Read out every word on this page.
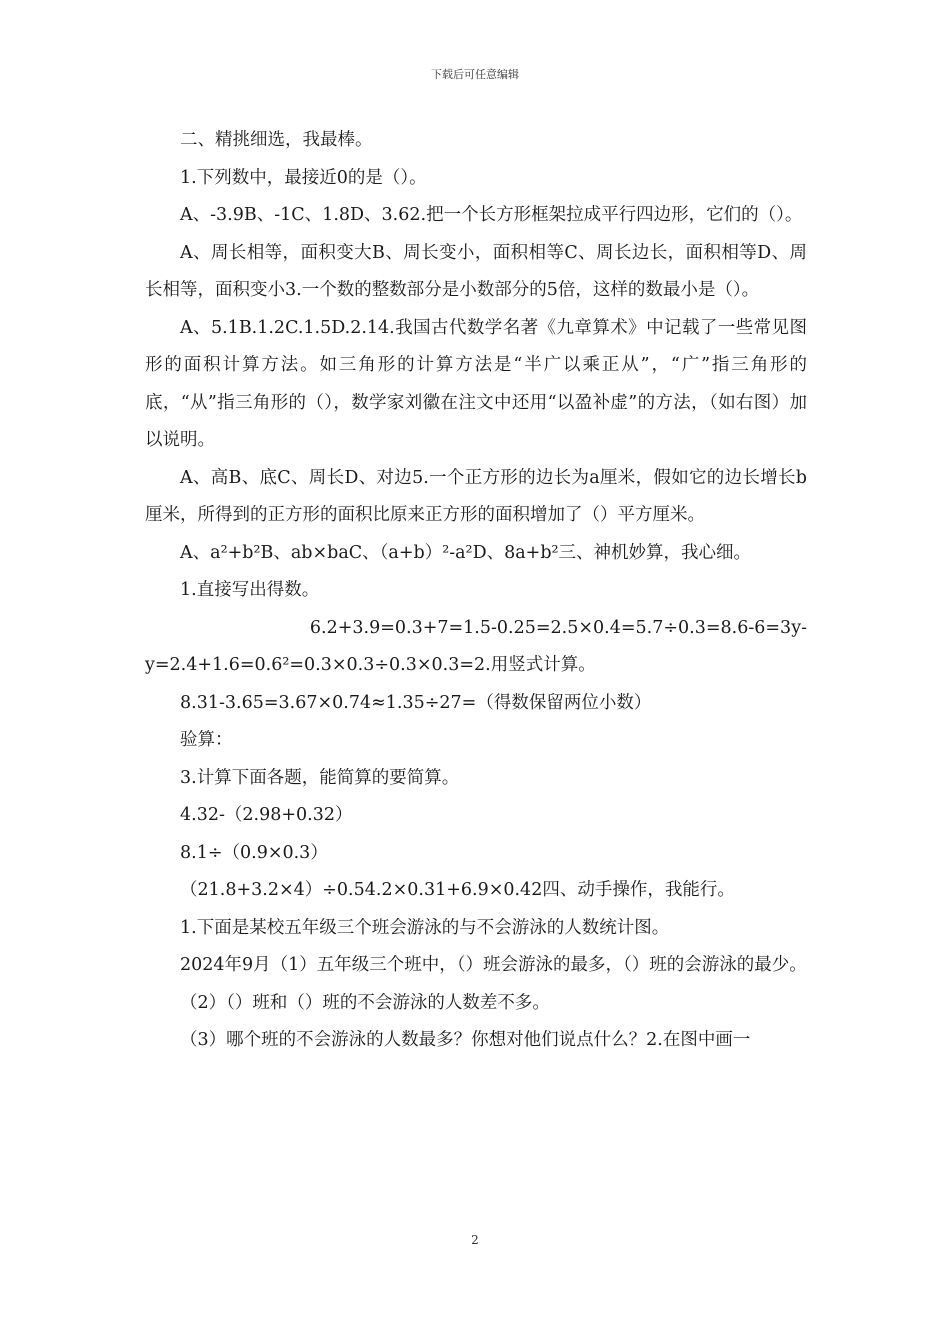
下载后可任意编辑

二、精挑细选，我最棒。

1.下列数中，最接近0的是（）。

A、-3.9B、-1C、1.8D、3.62.把一个长方形框架拉成平行四边形，它们的（）。

A、周长相等，面积变大B、周长变小，面积相等C、周长边长，面积相等D、周长相等，面积变小3.一个数的整数部分是小数部分的5倍，这样的数最小是（）。

A、5.1B.1.2C.1.5D.2.14.我国古代数学名著《九章算术》中记载了一些常见图形的面积计算方法。如三角形的计算方法是“半广以乘正从”，“广”指三角形的底，“从”指三角形的（），数学家刘徽在注文中还用“以盈补虚”的方法，（如右图）加以说明。

A、高B、底C、周长D、对边5.一个正方形的边长为a厘米，假如它的边长增长b厘米，所得到的正方形的面积比原来正方形的面积增加了（）平方厘米。

A、a²+b²B、ab×baC、（a+b）²-a²D、8a+b²三、神机妙算，我心细。

1.直接写出得数。

6.2+3.9=0.3+7=1.5-0.25=2.5×0.4=5.7÷0.3=8.6-6=3y-

y=2.4+1.6=0.6²=0.3×0.3÷0.3×0.3=2.用竖式计算。

8.31-3.65=3.67×0.74≈1.35÷27=（得数保留两位小数）

验算：

3.计算下面各题，能简算的要简算。

4.32-（2.98+0.32）

8.1÷（0.9×0.3）

（21.8+3.2×4）÷0.54.2×0.31+6.9×0.42四、动手操作，我能行。

1.下面是某校五年级三个班会游泳的与不会游泳的人数统计图。

2024年9月（1）五年级三个班中，（）班会游泳的最多，（）班的会游泳的最少。

（2）（）班和（）班的不会游泳的人数差不多。

（3）哪个班的不会游泳的人数最多？你想对他们说点什么？2.在图中画一

2
